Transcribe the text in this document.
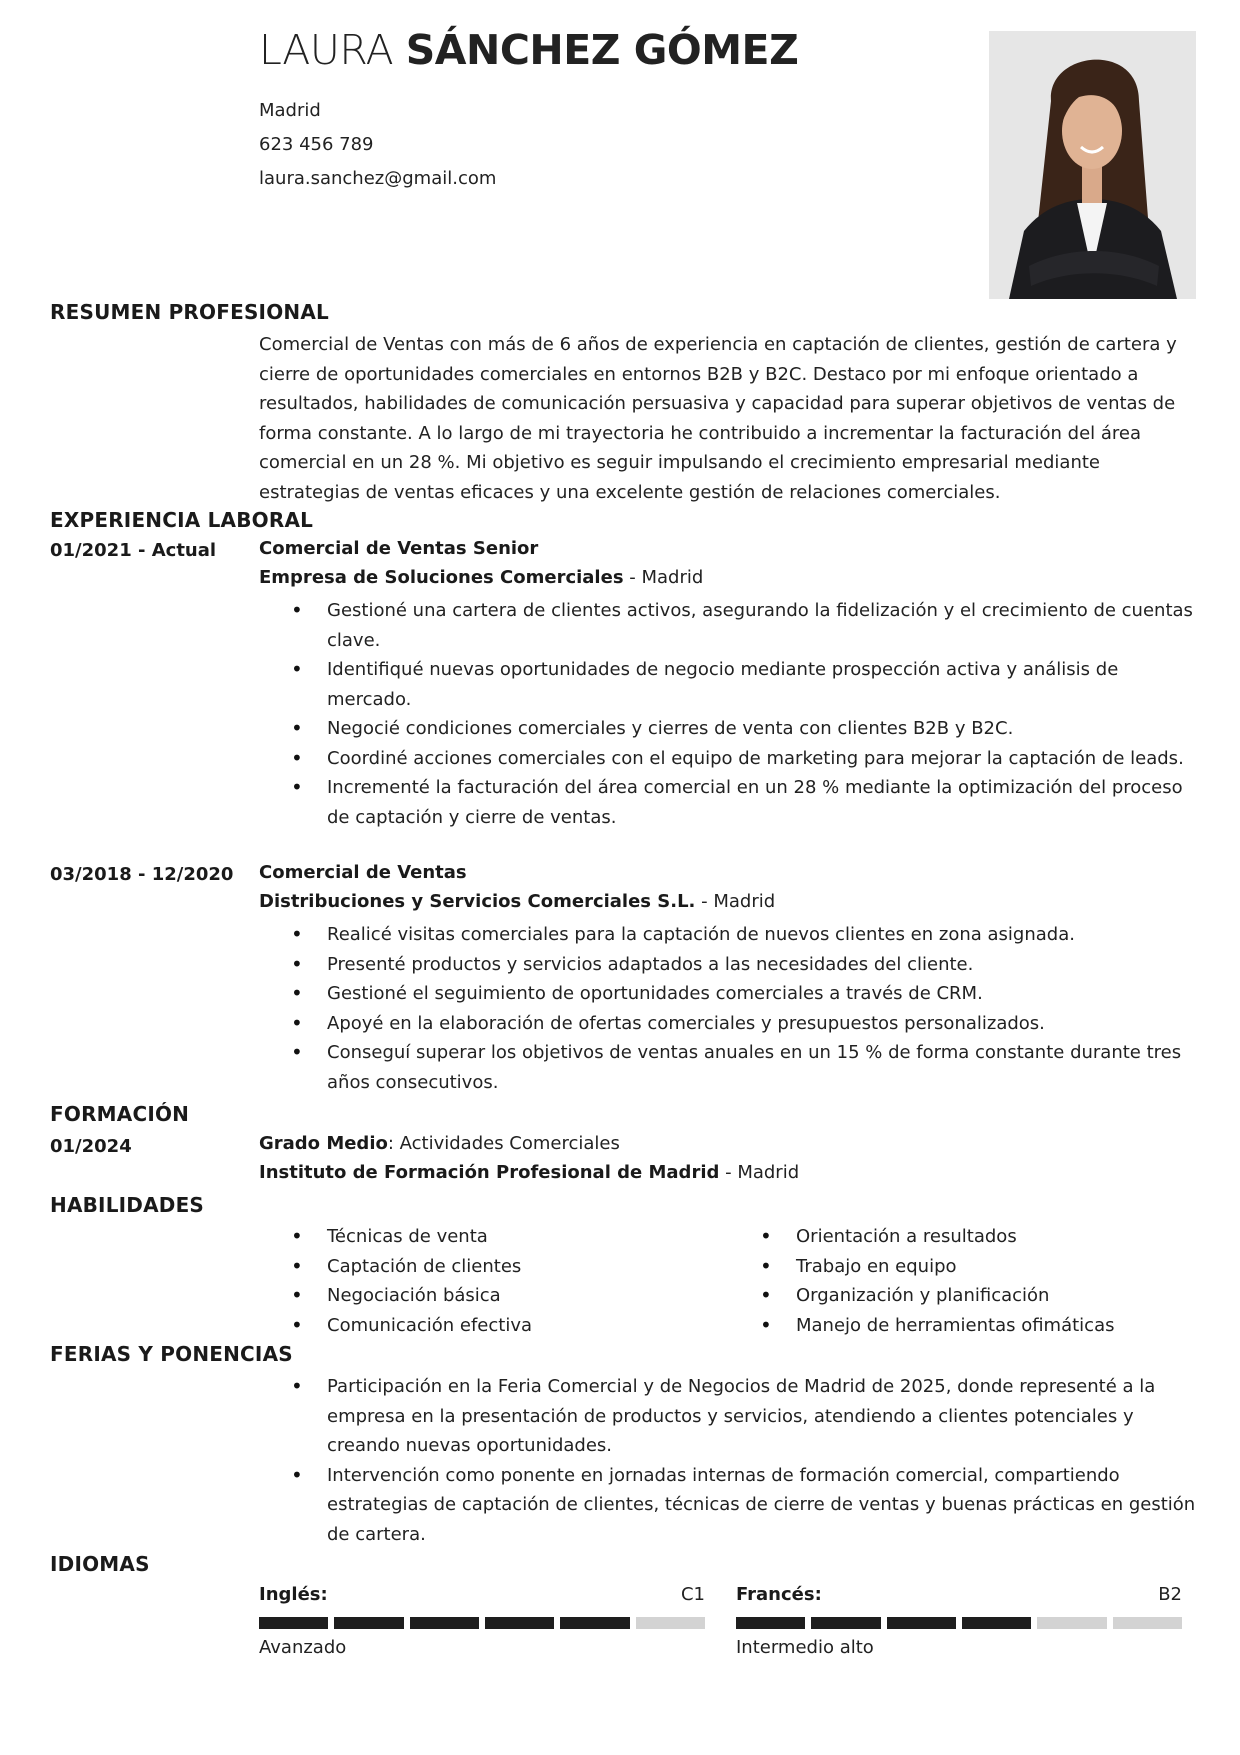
LAURA SÁNCHEZ GÓMEZ
Madrid
623 456 789
laura.sanchez@gmail.com
RESUMEN PROFESIONAL
Comercial de Ventas con más de 6 años de experiencia en captación de clientes, gestión de cartera y cierre de oportunidades comerciales en entornos B2B y B2C. Destaco por mi enfoque orientado a resultados, habilidades de comunicación persuasiva y capacidad para superar objetivos de ventas de forma constante. A lo largo de mi trayectoria he contribuido a incrementar la facturación del área comercial en un 28 %. Mi objetivo es seguir impulsando el crecimiento empresarial mediante estrategias de ventas eficaces y una excelente gestión de relaciones comerciales.
EXPERIENCIA LABORAL
01/2021 - Actual Comercial de Ventas Senior
Empresa de Soluciones Comerciales - Madrid
• Gestioné una cartera de clientes activos, asegurando la fidelización y el crecimiento de cuentas clave.
• Identifiqué nuevas oportunidades de negocio mediante prospección activa y análisis de mercado.
• Negocié condiciones comerciales y cierres de venta con clientes B2B y B2C.
• Coordiné acciones comerciales con el equipo de marketing para mejorar la captación de leads.
• Incrementé la facturación del área comercial en un 28 % mediante la optimización del proceso de captación y cierre de ventas.
03/2018 - 12/2020 Comercial de Ventas
Distribuciones y Servicios Comerciales S.L. - Madrid
• Realicé visitas comerciales para la captación de nuevos clientes en zona asignada.
• Presenté productos y servicios adaptados a las necesidades del cliente.
• Gestioné el seguimiento de oportunidades comerciales a través de CRM.
• Apoyé en la elaboración de ofertas comerciales y presupuestos personalizados.
• Conseguí superar los objetivos de ventas anuales en un 15 % de forma constante durante tres años consecutivos.
FORMACIÓN
01/2024	Grado Medio: Actividades Comerciales
Instituto de Formación Profesional de Madrid - Madrid
HABILIDADES
• Técnicas de venta
• Captación de clientes
• Negociación básica
• Comunicación efectiva
• Orientación a resultados
• Trabajo en equipo
• Organización y planificación
• Manejo de herramientas ofimáticas
FERIAS Y PONENCIAS
• Participación en la Feria Comercial y de Negocios de Madrid de 2025, donde representé a la empresa en la presentación de productos y servicios, atendiendo a clientes potenciales y creando nuevas oportunidades.
• Intervención como ponente en jornadas internas de formación comercial, compartiendo estrategias de captación de clientes, técnicas de cierre de ventas y buenas prácticas en gestión de cartera.
IDIOMAS
Inglés:	C1
Avanzado
Francés:	B2
Intermedio alto
